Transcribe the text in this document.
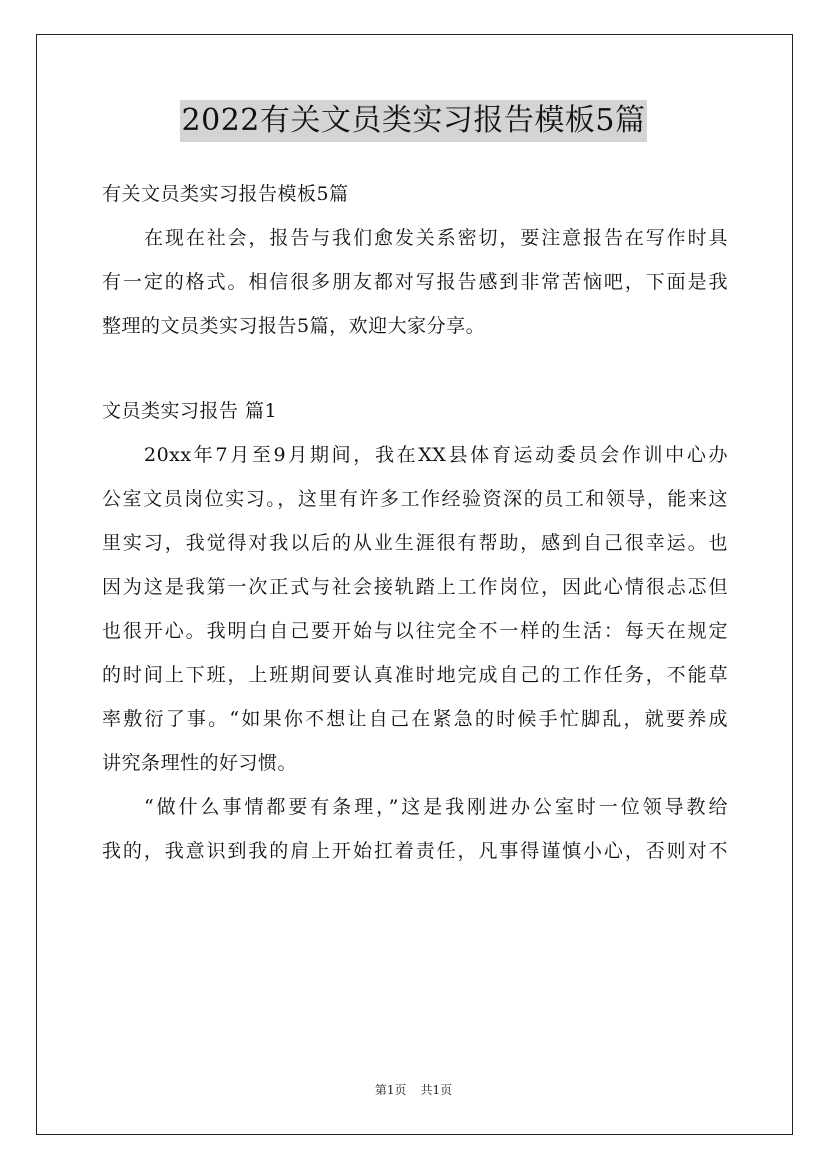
2022有关文员类实习报告模板5篇
有关文员类实习报告模板5篇
在现在社会，报告与我们愈发关系密切，要注意报告在写作时具
有一定的格式。相信很多朋友都对写报告感到非常苦恼吧，下面是我
整理的文员类实习报告5篇，欢迎大家分享。
文员类实习报告 篇1
20xx年7月至9月期间，我在XX县体育运动委员会作训中心办
公室文员岗位实习。，这里有许多工作经验资深的员工和领导，能来这
里实习，我觉得对我以后的从业生涯很有帮助，感到自己很幸运。也
因为这是我第一次正式与社会接轨踏上工作岗位，因此心情很忐忑但
也很开心。我明白自己要开始与以往完全不一样的生活：每天在规定
的时间上下班，上班期间要认真准时地完成自己的工作任务，不能草
率敷衍了事。“如果你不想让自己在紧急的时候手忙脚乱，就要养成
讲究条理性的好习惯。
“做什么事情都要有条理，”这是我刚进办公室时一位领导教给
我的，我意识到我的肩上开始扛着责任，凡事得谨慎小心，否则对不
第1页 共1页
